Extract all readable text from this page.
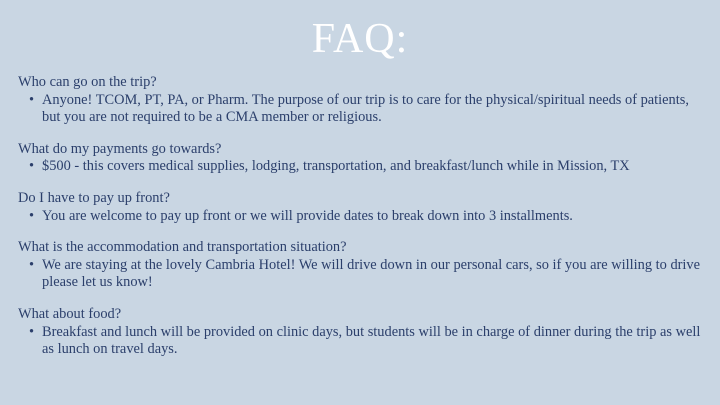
FAQ:

Who can go on the trip?

• Anyone! TCOM, PT, PA, or Pharm. The purpose of our trip is to care for the physical/spiritual needs of patients, but you are not required to be a CMA member or religious.

What do my payments go towards?

• $500 - this covers medical supplies, lodging, transportation, and breakfast/lunch while in Mission, TX

Do I have to pay up front?

• You are welcome to pay up front or we will provide dates to break down into 3 installments.

What is the accommodation and transportation situation?

• We are staying at the lovely Cambria Hotel! We will drive down in our personal cars, so if you are willing to drive please let us know!

What about food?

• Breakfast and lunch will be provided on clinic days, but students will be in charge of dinner during the trip as well as lunch on travel days.
